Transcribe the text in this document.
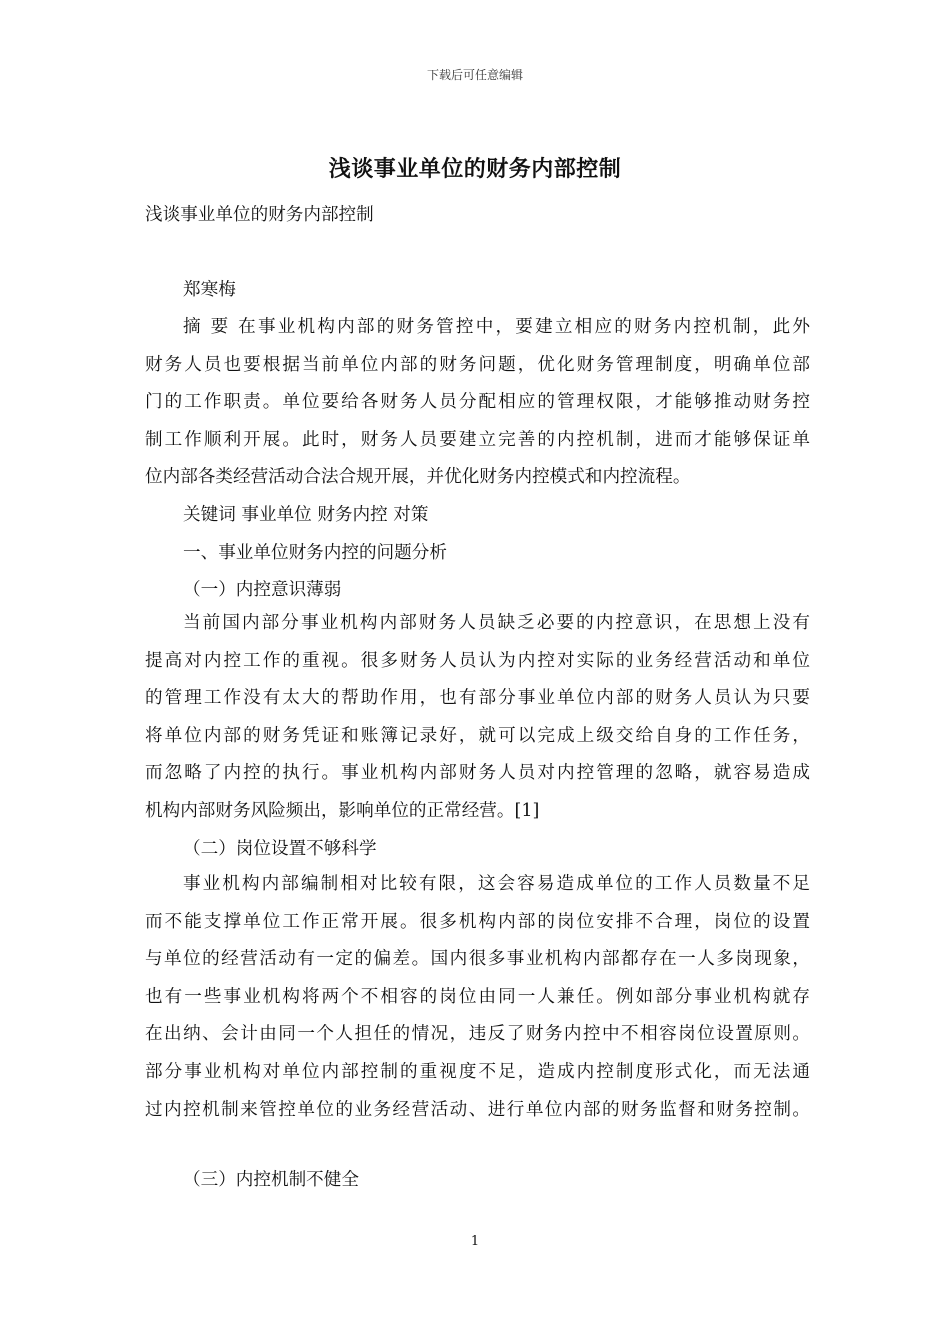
下载后可任意编辑
浅谈事业单位的财务内部控制
浅谈事业单位的财务内部控制
郑寒梅
摘 要 在事业机构内部的财务管控中，要建立相应的财务内控机制，此外
财务人员也要根据当前单位内部的财务问题，优化财务管理制度，明确单位部
门的工作职责。单位要给各财务人员分配相应的管理权限，才能够推动财务控
制工作顺利开展。此时，财务人员要建立完善的内控机制，进而才能够保证单
位内部各类经营活动合法合规开展，并优化财务内控模式和内控流程。
关键词 事业单位 财务内控 对策
一、事业单位财务内控的问题分析
（一）内控意识薄弱
当前国内部分事业机构内部财务人员缺乏必要的内控意识，在思想上没有
提高对内控工作的重视。很多财务人员认为内控对实际的业务经营活动和单位
的管理工作没有太大的帮助作用，也有部分事业单位内部的财务人员认为只要
将单位内部的财务凭证和账簿记录好，就可以完成上级交给自身的工作任务，
而忽略了内控的执行。事业机构内部财务人员对内控管理的忽略，就容易造成
机构内部财务风险频出，影响单位的正常经营。[1]
（二）岗位设置不够科学
事业机构内部编制相对比较有限，这会容易造成单位的工作人员数量不足
而不能支撑单位工作正常开展。很多机构内部的岗位安排不合理，岗位的设置
与单位的经营活动有一定的偏差。国内很多事业机构内部都存在一人多岗现象，
也有一些事业机构将两个不相容的岗位由同一人兼任。例如部分事业机构就存
在出纳、会计由同一个人担任的情况，违反了财务内控中不相容岗位设置原则。
部分事业机构对单位内部控制的重视度不足，造成内控制度形式化，而无法通
过内控机制来管控单位的业务经营活动、进行单位内部的财务监督和财务控制。
（三）内控机制不健全
1
